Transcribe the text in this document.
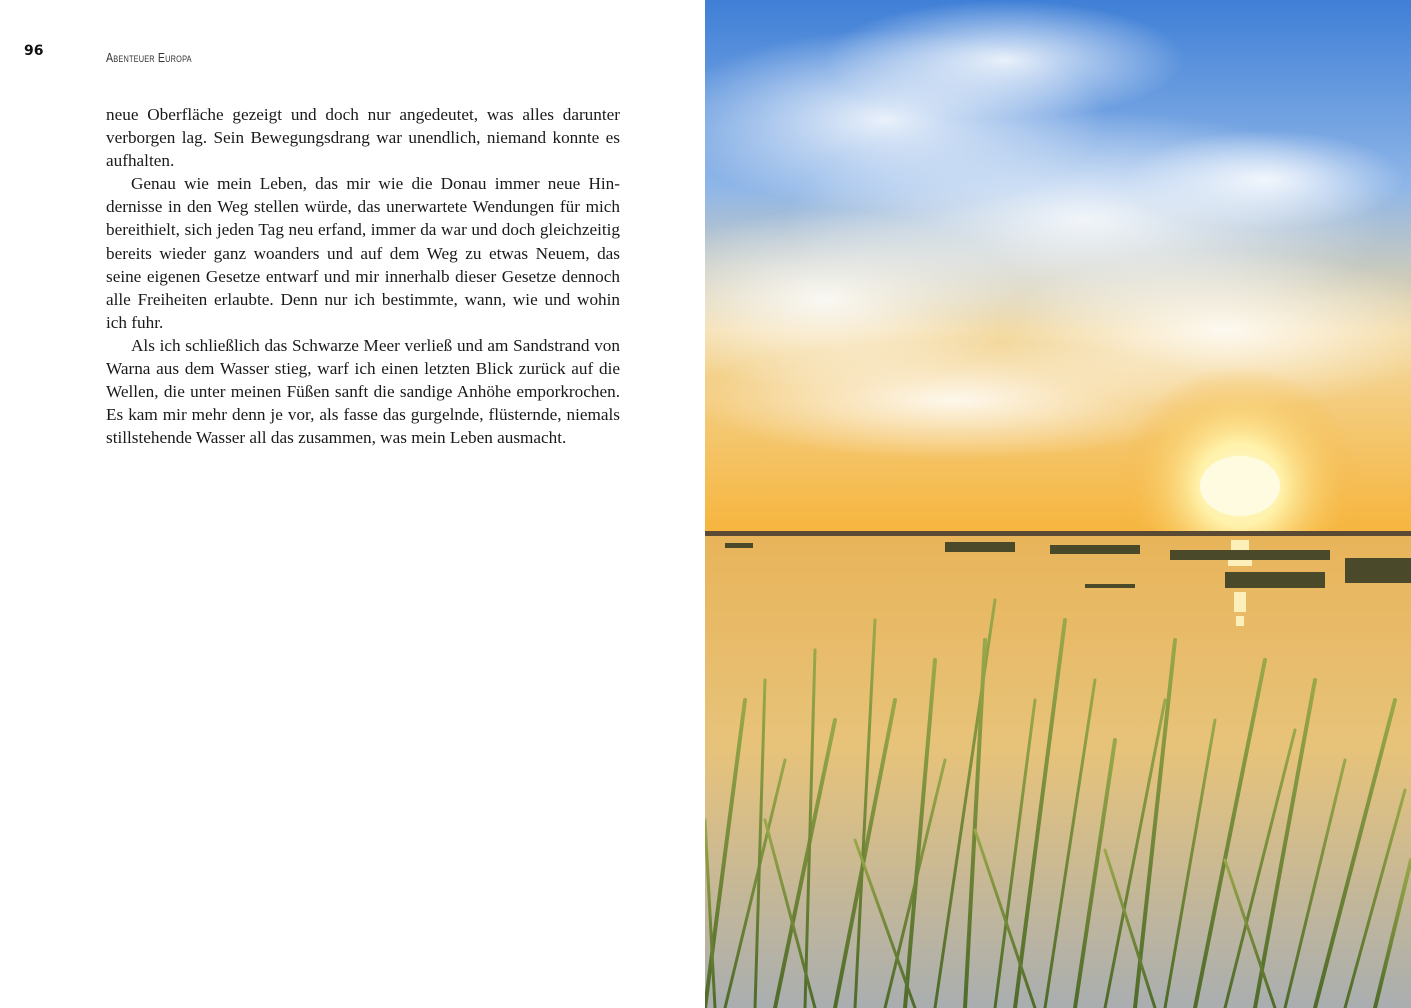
96	Abenteuer Europa

neue Oberfläche gezeigt und doch nur angedeutet, was alles darunter verborgen lag. Sein Bewegungsdrang war unendlich, niemand konnte es aufhalten.

Genau wie mein Leben, das mir wie die Donau immer neue Hindernisse in den Weg stellen würde, das unerwartete Wendungen für mich bereithielt, sich jeden Tag neu erfand, immer da war und doch gleichzeitig bereits wieder ganz woanders und auf dem Weg zu etwas Neuem, das seine eigenen Gesetze entwarf und mir innerhalb dieser Gesetze dennoch alle Freiheiten erlaubte. Denn nur ich bestimmte, wann, wie und wohin ich fuhr.

Als ich schließlich das Schwarze Meer verließ und am Sandstrand von Warna aus dem Wasser stieg, warf ich einen letzten Blick zurück auf die Wellen, die unter meinen Füßen sanft die sandige Anhöhe emporkrochen. Es kam mir mehr denn je vor, als fasse das gurgelnde, flüsternde, niemals stillstehende Wasser all das zusammen, was mein Leben ausmacht.
